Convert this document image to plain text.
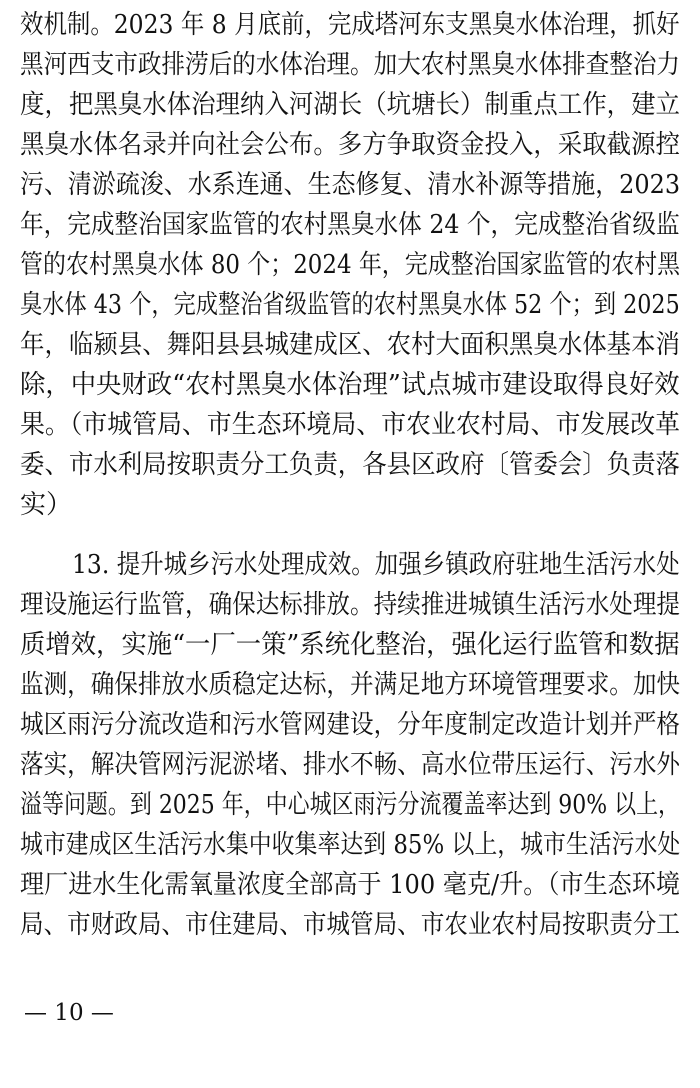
效机制。2023 年 8 月底前，完成塔河东支黑臭水体治理，抓好
黑河西支市政排涝后的水体治理。加大农村黑臭水体排查整治力
度，把黑臭水体治理纳入河湖长（坑塘长）制重点工作，建立
黑臭水体名录并向社会公布。多方争取资金投入，采取截源控
污、清淤疏浚、水系连通、生态修复、清水补源等措施，2023
年，完成整治国家监管的农村黑臭水体 24 个，完成整治省级监
管的农村黑臭水体 80 个；2024 年，完成整治国家监管的农村黑
臭水体 43 个，完成整治省级监管的农村黑臭水体 52 个；到 2025
年，临颍县、舞阳县县城建成区、农村大面积黑臭水体基本消
除，中央财政“农村黑臭水体治理”试点城市建设取得良好效
果。（市城管局、市生态环境局、市农业农村局、市发展改革
委、市水利局按职责分工负责，各县区政府〔管委会〕负责落
实）
13. 提升城乡污水处理成效。加强乡镇政府驻地生活污水处
理设施运行监管，确保达标排放。持续推进城镇生活污水处理提
质增效，实施“一厂一策”系统化整治，强化运行监管和数据
监测，确保排放水质稳定达标，并满足地方环境管理要求。加快
城区雨污分流改造和污水管网建设，分年度制定改造计划并严格
落实，解决管网污泥淤堵、排水不畅、高水位带压运行、污水外
溢等问题。到 2025 年，中心城区雨污分流覆盖率达到 90% 以上，
城市建成区生活污水集中收集率达到 85% 以上，城市生活污水处
理厂进水生化需氧量浓度全部高于 100 毫克/升。（市生态环境
局、市财政局、市住建局、市城管局、市农业农村局按职责分工
— 10 —
